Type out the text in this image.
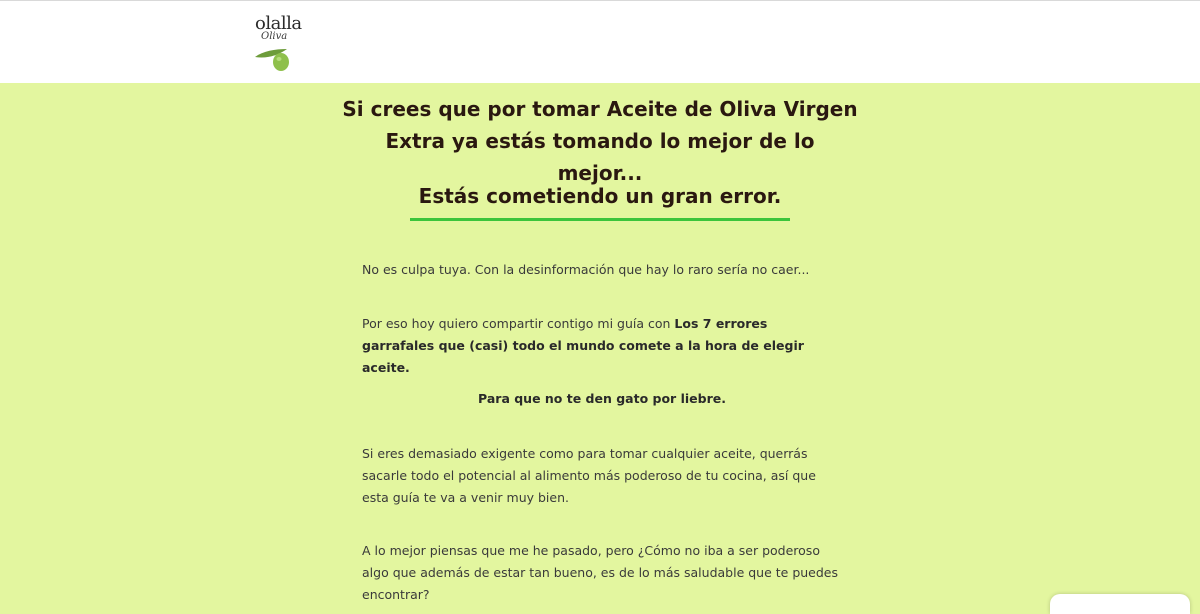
olalla
Oliva
Si crees que por tomar Aceite de Oliva Virgen Extra ya estás tomando lo mejor de lo mejor...
Estás cometiendo un gran error.

No es culpa tuya. Con la desinformación que hay lo raro sería no caer...

Por eso hoy quiero compartir contigo mi guía con Los 7 errores garrafales que (casi) todo el mundo comete a la hora de elegir aceite.

Para que no te den gato por liebre.

Si eres demasiado exigente como para tomar cualquier aceite, querrás sacarle todo el potencial al alimento más poderoso de tu cocina, así que esta guía te va a venir muy bien.

A lo mejor piensas que me he pasado, pero ¿Cómo no iba a ser poderoso algo que además de estar tan bueno, es de lo más saludable que te puedes encontrar?
